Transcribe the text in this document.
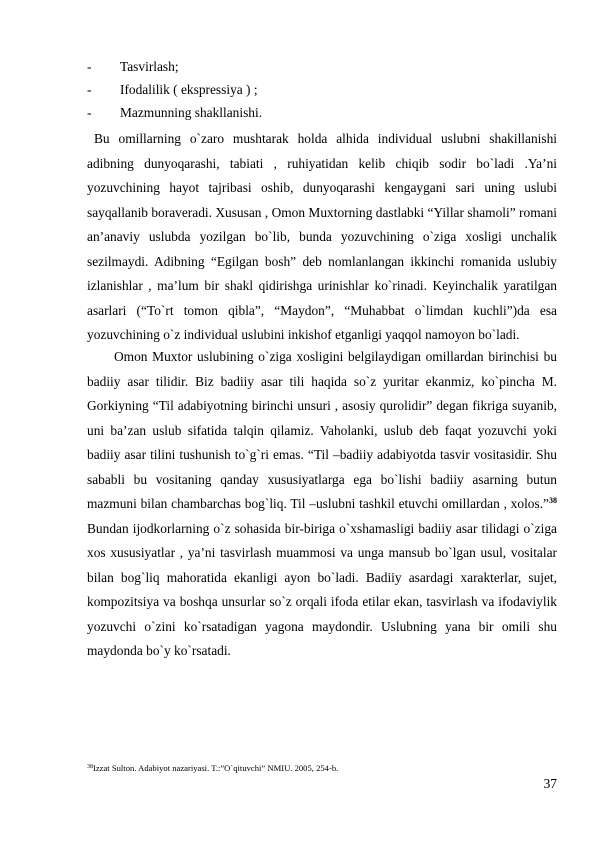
- Tasvirlash;
- Ifodalilik ( ekspressiya ) ;
- Mazmunning shakllanishi.

Bu omillarning o`zaro mushtarak holda alhida individual uslubni shakillanishi adibning dunyoqarashi, tabiati , ruhiyatidan kelib chiqib sodir bo`ladi .Ya’ni yozuvchining hayot tajribasi oshib, dunyoqarashi kengaygani sari uning uslubi sayqallanib boraveradi. Xususan , Omon Muxtorning dastlabki “Yillar shamoli” romani an’anaviy uslubda yozilgan bo`lib, bunda yozuvchining o`ziga xosligi unchalik sezilmaydi. Adibning “Egilgan bosh” deb nomlanlangan ikkinchi romanida uslubiy izlanishlar , ma’lum bir shakl qidirishga urinishlar ko`rinadi. Keyinchalik yaratilgan asarlari (“To`rt tomon qibla”, “Maydon”, “Muhabbat o`limdan kuchli”)da esa yozuvchining o`z individual uslubini inkishof etganligi yaqqol namoyon bo`ladi.

Omon Muxtor uslubining o`ziga xosligini belgilaydigan omillardan birinchisi bu badiiy asar tilidir. Biz badiiy asar tili haqida so`z yuritar ekanmiz, ko`pincha M. Gorkiyning “Til adabiyotning birinchi unsuri , asosiy qurolidir” degan fikriga suyanib, uni ba’zan uslub sifatida talqin qilamiz. Vaholanki, uslub deb faqat yozuvchi yoki badiiy asar tilini tushunish to`g`ri emas. “Til –badiiy adabiyotda tasvir vositasidir. Shu sababli bu vositaning qanday xususiyatlarga ega bo`lishi badiiy asarning butun mazmuni bilan chambarchas bog`liq. Til –uslubni tashkil etuvchi omillardan , xolos.”$^{38}$ Bundan ijodkorlarning o`z sohasida bir-biriga o`xshamasligi badiiy asar tilidagi o`ziga xos xususiyatlar , ya’ni tasvirlash muammosi va unga mansub bo`lgan usul, vositalar bilan bog`liq mahoratida ekanligi ayon bo`ladi. Badiiy asardagi xarakterlar, sujet, kompozitsiya va boshqa unsurlar so`z orqali ifoda etilar ekan, tasvirlash va ifodaviylik yozuvchi o`zini ko`rsatadigan yagona maydondir. Uslubning yana bir omili shu maydonda bo`y ko`rsatadi.

$^{38}$Izzat Sulton. Adabiyot nazariyasi. T.:”O`qituvchi” NMIU. 2005, 254-b.
37
